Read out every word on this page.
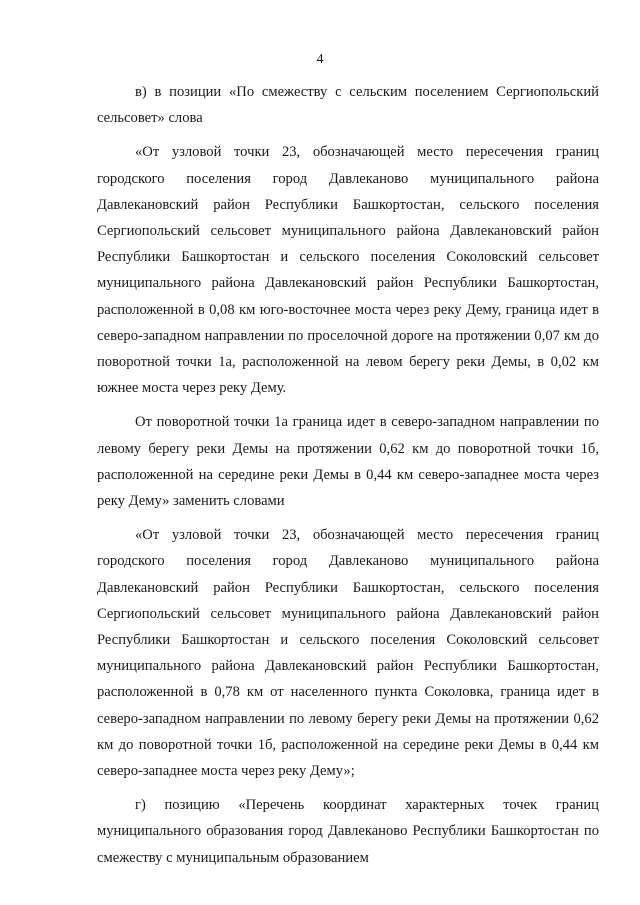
4

в) в позиции «По смежеству с сельским поселением Сергиопольский сельсовет» слова

«От узловой точки 23, обозначающей место пересечения границ городского поселения город Давлеканово муниципального района Давлекановский район Республики Башкортостан, сельского поселения Сергиопольский сельсовет муниципального района Давлекановский район Республики Башкортостан и сельского поселения Соколовский сельсовет муниципального района Давлекановский район Республики Башкортостан, расположенной в 0,08 км юго-восточнее моста через реку Дему, граница идет в северо-западном направлении по проселочной дороге на протяжении 0,07 км до поворотной точки 1а, расположенной на левом берегу реки Демы, в 0,02 км южнее моста через реку Дему.

От поворотной точки 1а граница идет в северо-западном направлении по левому берегу реки Демы на протяжении 0,62 км до поворотной точки 1б, расположенной на середине реки Демы в 0,44 км северо-западнее моста через реку Дему» заменить словами

«От узловой точки 23, обозначающей место пересечения границ городского поселения город Давлеканово муниципального района Давлекановский район Республики Башкортостан, сельского поселения Сергиопольский сельсовет муниципального района Давлекановский район Республики Башкортостан и сельского поселения Соколовский сельсовет муниципального района Давлекановский район Республики Башкортостан, расположенной в 0,78 км от населенного пункта Соколовка, граница идет в северо-западном направлении по левому берегу реки Демы на протяжении 0,62 км до поворотной точки 1б, расположенной на середине реки Демы в 0,44 км северо-западнее моста через реку Дему»;

г) позицию «Перечень координат характерных точек границ муниципального образования город Давлеканово Республики Башкортостан по смежеству с муниципальным образованием
